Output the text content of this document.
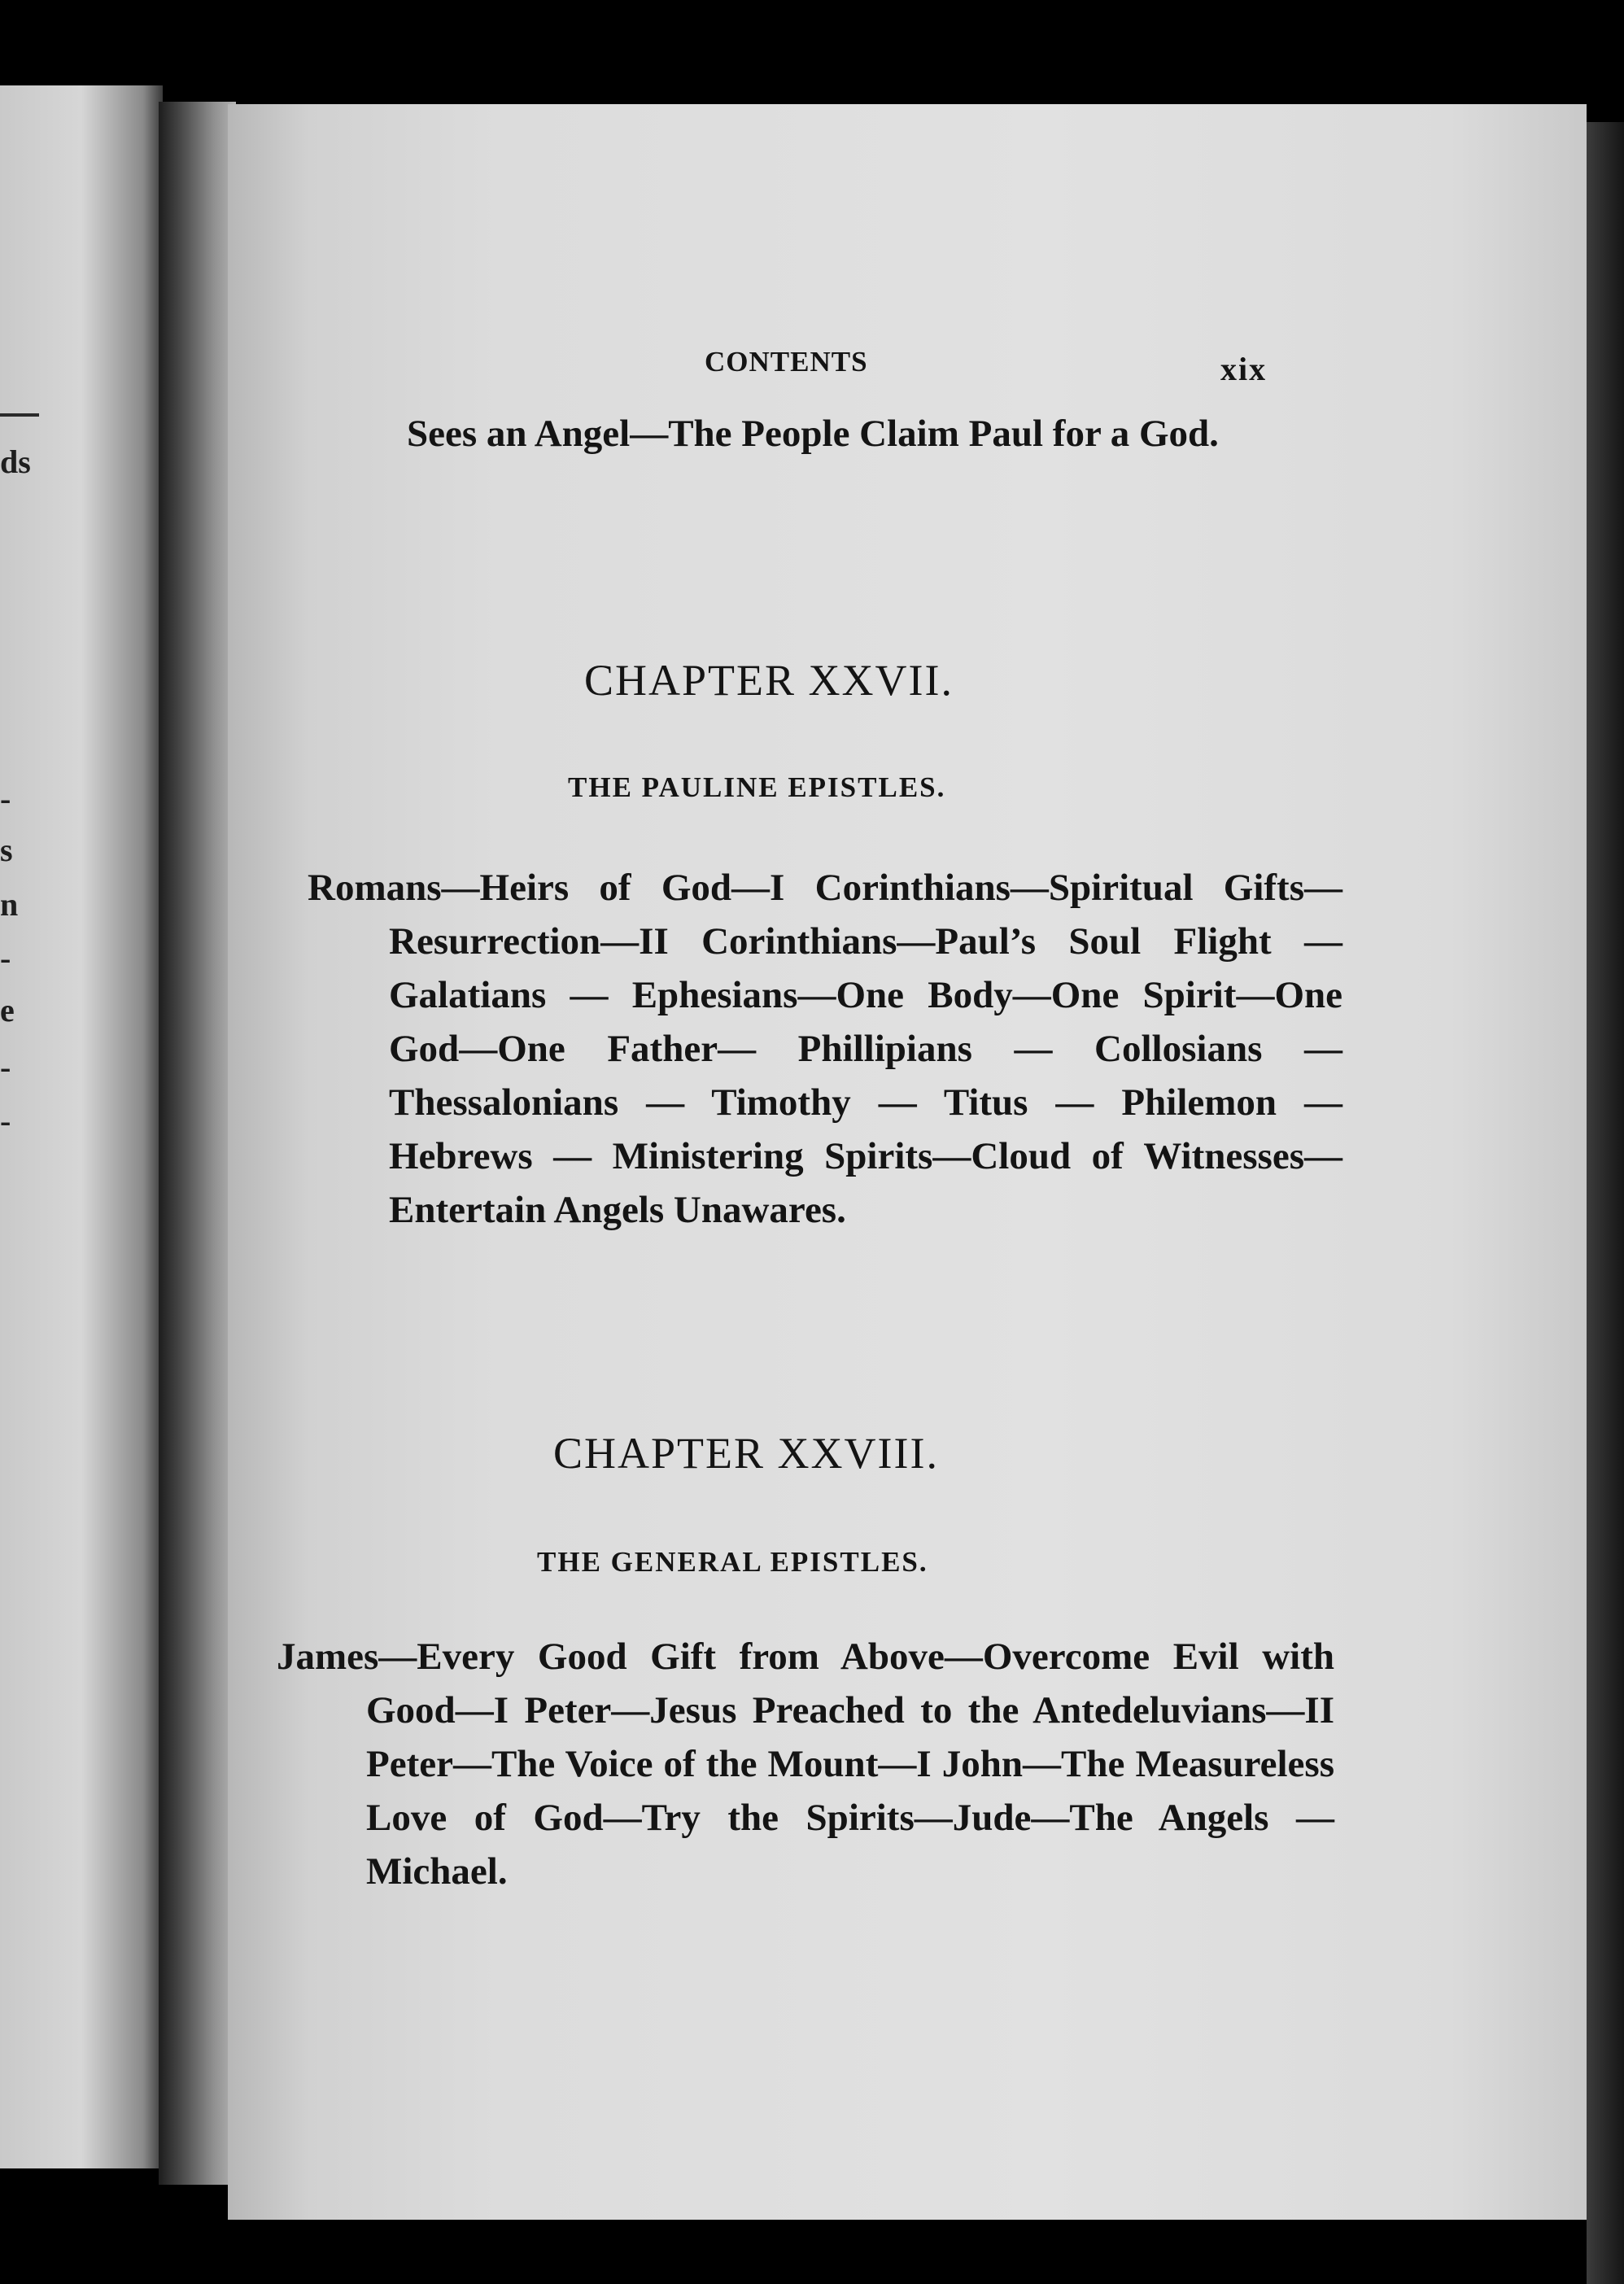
ds
-
s
n
-
e
-
-
CONTENTS	xix

Sees an Angel—The People Claim Paul for a God.

CHAPTER XXVII.
THE PAULINE EPISTLES.

Romans—Heirs of God—I Corinthians—Spiritual Gifts—Resurrection—II Corinthians—Paul’s Soul Flight — Galatians — Ephesians—One Body—One Spirit—One God—One Father— Phillipians — Collosians — Thessalonians — Timothy — Titus — Philemon — Hebrews — Ministering Spirits—Cloud of Witnesses— Entertain Angels Unawares.

CHAPTER XXVIII.
THE GENERAL EPISTLES.

James—Every Good Gift from Above—Overcome Evil with Good—I Peter—Jesus Preached to the Antedeluvians—II Peter—The Voice of the Mount—I John—The Measureless Love of God—Try the Spirits—Jude—The Angels —Michael.
